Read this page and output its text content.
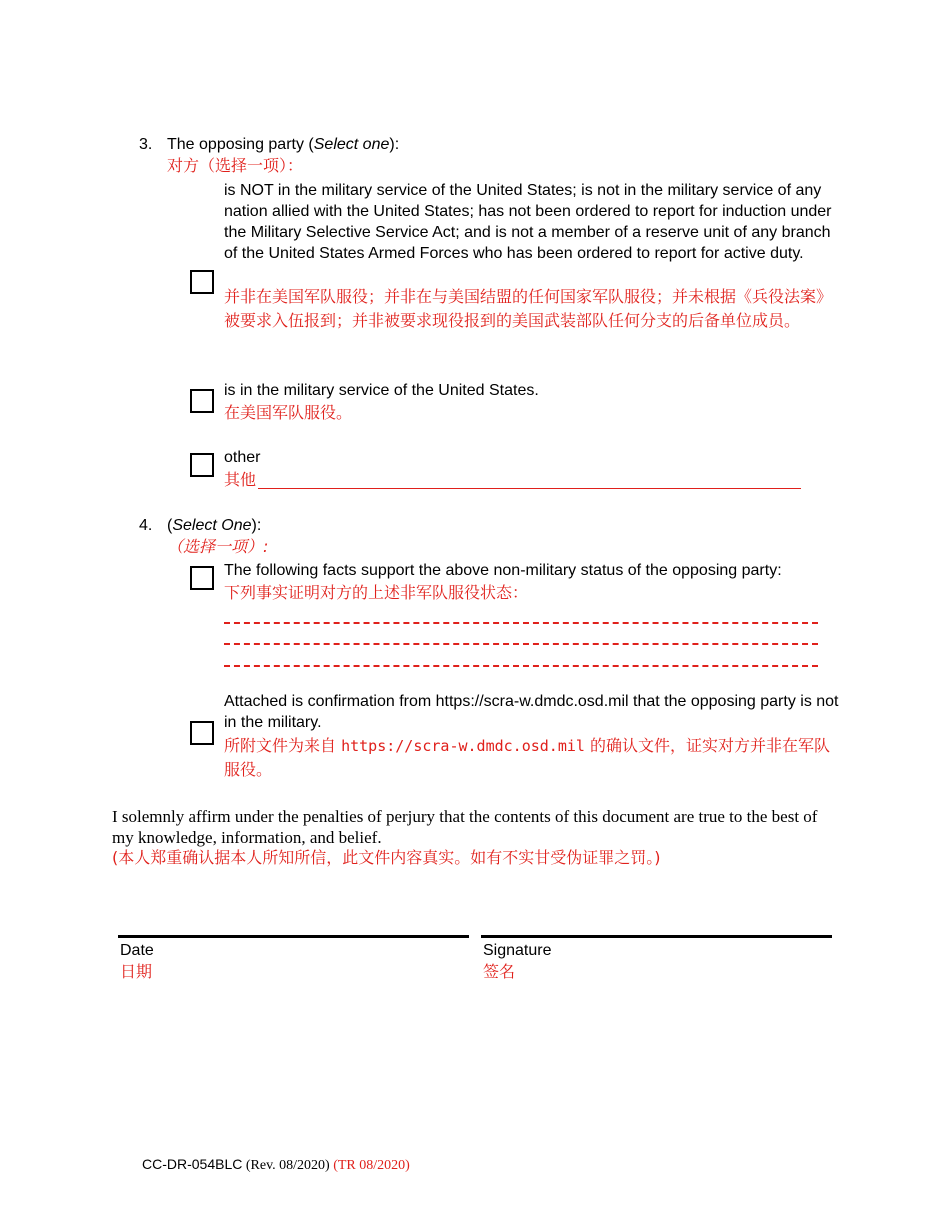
3. The opposing party (Select one):
对方（选择一项）：
is NOT in the military service of the United States; is not in the military service of any nation allied with the United States; has not been ordered to report for induction under the Military Selective Service Act; and is not a member of a reserve unit of any branch of the United States Armed Forces who has been ordered to report for active duty.
并非在美国军队服役；并非在与美国结盟的任何国家军队服役；并未根据《兵役法案》被要求入伍报到；并非被要求现役报到的美国武装部队任何分支的后备单位成员。
is in the military service of the United States.
在美国军队服役。
other
其他
4. (Select One):
（选择一项）:
The following facts support the above non-military status of the opposing party:
下列事实证明对方的上述非军队服役状态：
Attached is confirmation from https://scra-w.dmdc.osd.mil that the opposing party is not in the military.
所附文件为来自 https://scra-w.dmdc.osd.mil 的确认文件，证实对方并非在军队服役。
I solemnly affirm under the penalties of perjury that the contents of this document are true to the best of my knowledge, information, and belief.
(本人郑重确认据本人所知所信，此文件内容真实。如有不实甘受伪证罪之罚。)
Date
日期
Signature
签名
CC-DR-054BLC (Rev. 08/2020) (TR 08/2020)
